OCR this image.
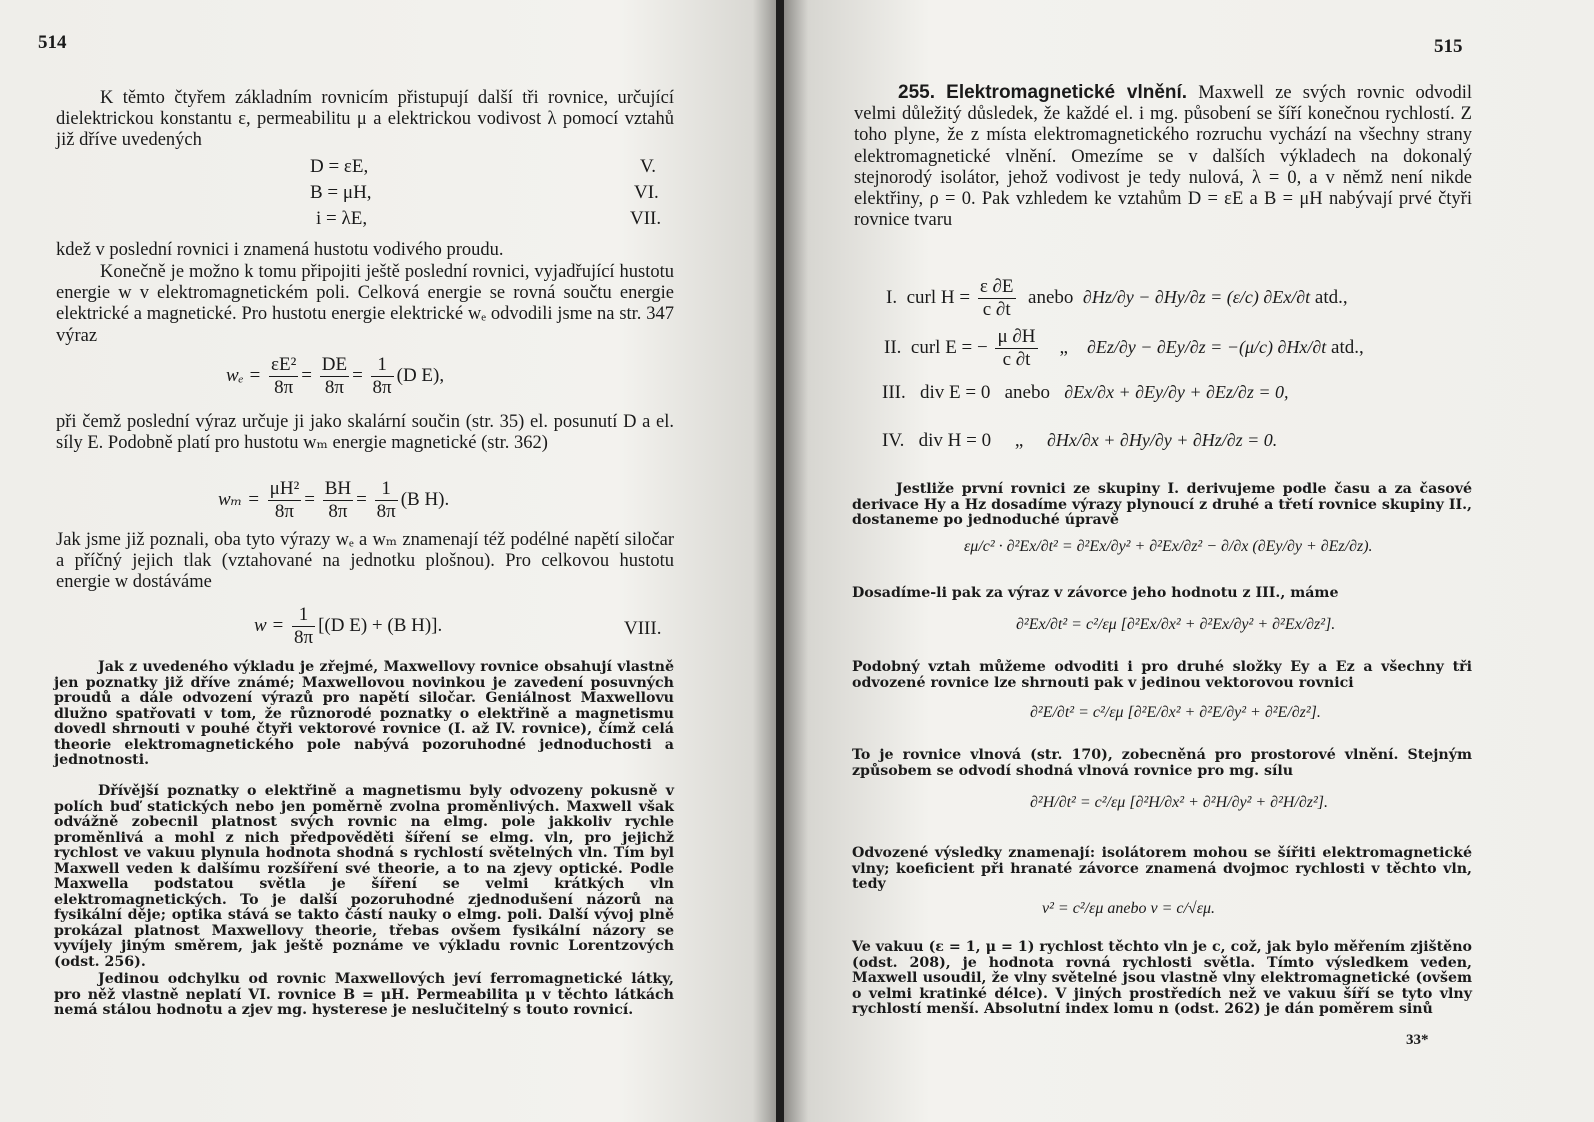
514

K těmto čtyřem základním rovnicím přistupují další tři rovnice, určující dielektrickou konstantu ε, permeabilitu μ a elektrickou vodivost λ pomocí vztahů již dříve uvedených

D = εE,	V.
B = μH,	VI.
i = λE,	VII.

kdež v poslední rovnici i znamená hustotu vodivého proudu.

Konečně je možno k tomu připojiti ještě poslední rovnici, vyjadřující hustotu energie w v elektromagnetickém poli. Celková energie se rovná součtu energie elektrické a magnetické. Pro hustotu energie elektrické wₑ odvodili jsme na str. 347 výraz

$w_e = \frac{\text{εE²}}{8\pi} = \frac{DE}{8\pi} = \frac{1}{8\pi} (D$ E),

při čemž poslední výraz určuje ji jako skalární součin (str. 35) el. posunutí D a el. síly E. Podobně platí pro hustotu wₘ energie magnetické (str. 362)

$w_m = \frac{\text{μH²}}{8\pi} = \frac{BH}{8\pi} = \frac{1}{8\pi} (B$ H).

Jak jsme již poznali, oba tyto výrazy wₑ a wₘ znamenají též podélné napětí siločar a příčný jejich tlak (vztahované na jednotku plošnou). Pro celkovou hustotu energie w dostáváme

$w = \frac{1}{8\pi} [(D$ E) + (B H)].	VIII.

Jak z uvedeného výkladu je zřejmé, Maxwellovy rovnice obsahují vlastně jen poznatky již dříve známé; Maxwellovou novinkou je zavedení posuvných proudů a dále odvození výrazů pro napětí siločar. Geniálnost Maxwellovu dlužno spatřovati v tom, že různorodé poznatky o elektřině a magnetismu dovedl shrnouti v pouhé čtyři vektorové rovnice (I. až IV. rovnice), čímž celá theorie elektromagnetického pole nabývá pozoruhodné jednoduchosti a jednotnosti.

Dřívější poznatky o elektřině a magnetismu byly odvozeny pokusně v polích buď statických nebo jen poměrně zvolna proměnlivých. Maxwell však odvážně zobecnil platnost svých rovnic na elmg. pole jakkoliv rychle proměnlivá a mohl z nich předpověděti šíření se elmg. vln, pro jejichž rychlost ve vakuu plynula hodnota shodná s rychlostí světelných vln. Tím byl Maxwell veden k dalšímu rozšíření své theorie, a to na zjevy optické. Podle Maxwella podstatou světla je šíření se velmi krátkých vln elektromagnetických. To je další pozoruhodné zjednodušení názorů na fysikální děje; optika stává se takto částí nauky o elmg. poli. Další vývoj plně prokázal platnost Maxwellovy theorie, třebas ovšem fysikální názory se vyvíjely jiným směrem, jak ještě poznáme ve výkladu rovnic Lorentzových (odst. 256).

Jedinou odchylku od rovnic Maxwellových jeví ferromagnetické látky, pro něž vlastně neplatí VI. rovnice B = μH. Permeabilita μ v těchto látkách nemá stálou hodnotu a zjev mg. hysterese je neslučitelný s touto rovnicí.

515

255. Elektromagnetické vlnění. Maxwell ze svých rovnic odvodil velmi důležitý důsledek, že každé el. i mg. působení se šíří konečnou rychlostí. Z toho plyne, že z místa elektromagnetického rozruchu vychází na všechny strany elektromagnetické vlnění. Omezíme se v dalších výkladech na dokonalý stejnorodý isolátor, jehož vodivost je tedy nulová, λ = 0, a v němž není nikde elektřiny, ρ = 0. Pak vzhledem ke vztahům D = εE a B = μH nabývají prvé čtyři rovnice tvaru

I. curl $H = \frac{\varepsilon \partial E}{c \partial t}$ anebo ∂Hz/∂y − ∂Hy/∂z = (ε/c) ∂Ex/∂t atd.,
II. curl E = − $\frac{\mu \partial H}{c \partial t}$ „ ∂Ez/∂y − ∂Ey/∂z = −(μ/c) ∂Hx/∂t atd.,
III. div E = 0 anebo ∂Ex/∂x + ∂Ey/∂y + ∂Ez/∂z = 0,
IV. div H = 0 „ ∂Hx/∂x + ∂Hy/∂y + ∂Hz/∂z = 0.

Jestliže první rovnici ze skupiny I. derivujeme podle času a za časové derivace Hy a Hz dosadíme výrazy plynoucí z druhé a třetí rovnice skupiny II., dostaneme po jednoduché úpravě

εμ/c² · ∂²Ex/∂t² = ∂²Ex/∂y² + ∂²Ex/∂z² − ∂/∂x (∂Ey/∂y + ∂Ez/∂z).

Dosadíme-li pak za výraz v závorce jeho hodnotu z III., máme

∂²Ex/∂t² = c²/εμ [∂²Ex/∂x² + ∂²Ex/∂y² + ∂²Ex/∂z²].

Podobný vztah můžeme odvoditi i pro druhé složky Ey a Ez a všechny tři odvozené rovnice lze shrnouti pak v jedinou vektorovou rovnici

∂²E/∂t² = c²/εμ [∂²E/∂x² + ∂²E/∂y² + ∂²E/∂z²].

To je rovnice vlnová (str. 170), zobecněná pro prostorové vlnění. Stejným způsobem se odvodí shodná vlnová rovnice pro mg. sílu

∂²H/∂t² = c²/εμ [∂²H/∂x² + ∂²H/∂y² + ∂²H/∂z²].

Odvozené výsledky znamenají: isolátorem mohou se šířiti elektromagnetické vlny; koeficient při hranaté závorce znamená dvojmoc rychlosti v těchto vln, tedy

v² = c²/εμ anebo v = c/√εμ.

Ve vakuu (ε = 1, μ = 1) rychlost těchto vln je c, což, jak bylo měřením zjištěno (odst. 208), je hodnota rovná rychlosti světla. Tímto výsledkem veden, Maxwell usoudil, že vlny světelné jsou vlastně vlny elektromagnetické (ovšem o velmi kratinké délce). V jiných prostředích než ve vakuu šíří se tyto vlny rychlostí menší. Absolutní index lomu n (odst. 262) je dán poměrem sinů

33*
